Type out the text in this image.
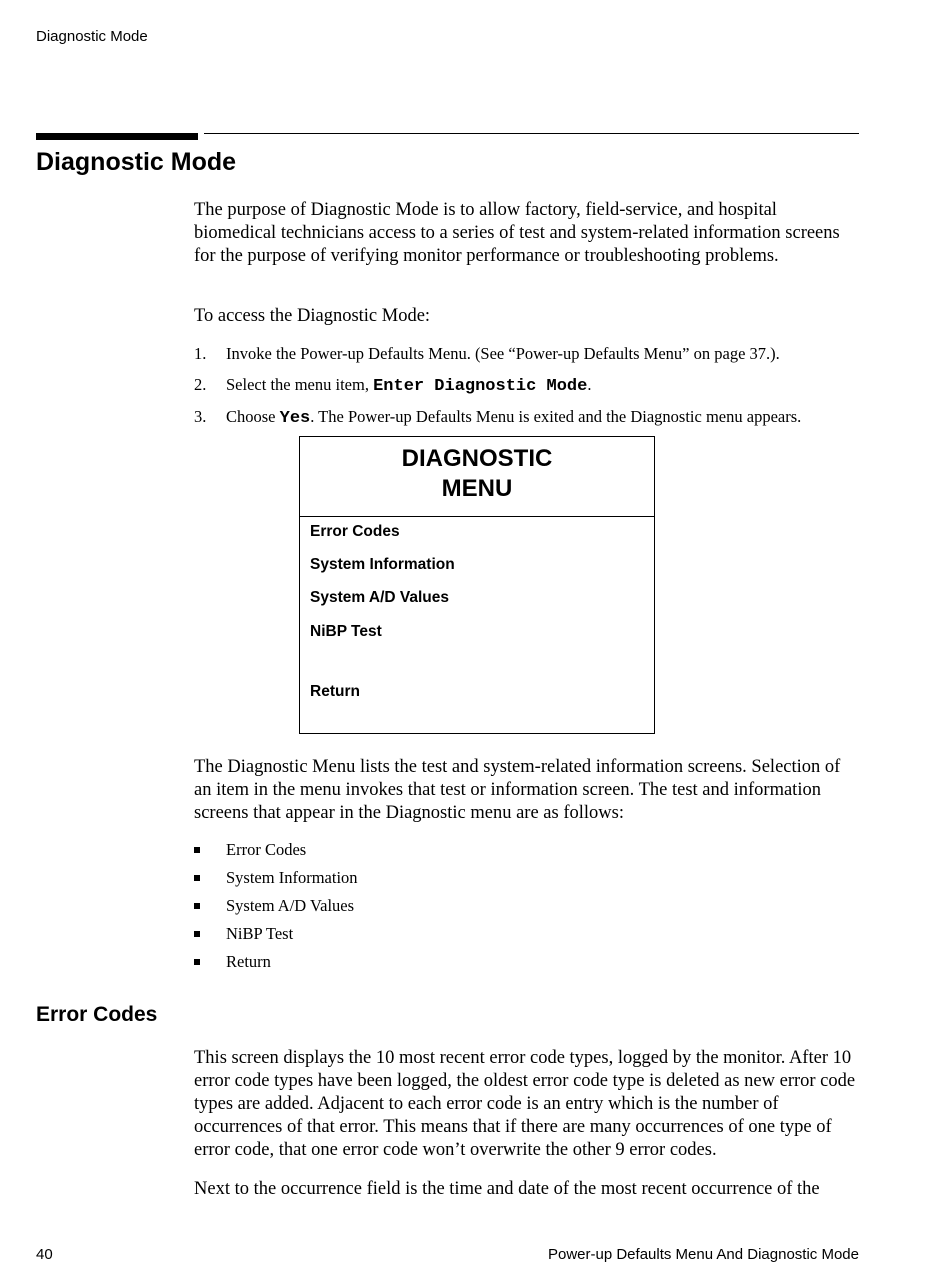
Diagnostic Mode
Diagnostic Mode

The purpose of Diagnostic Mode is to allow factory, field-service, and hospital biomedical technicians access to a series of test and system-related information screens for the purpose of verifying monitor performance or troubleshooting problems.

To access the Diagnostic Mode:

1. Invoke the Power-up Defaults Menu. (See “Power-up Defaults Menu” on page 37.).
2. Select the menu item, Enter Diagnostic Mode.
3. Choose Yes. The Power-up Defaults Menu is exited and the Diagnostic menu appears.
DIAGNOSTIC
MENU
Error Codes
System Information
System A/D Values
NiBP Test
Return

The Diagnostic Menu lists the test and system-related information screens. Selection of an item in the menu invokes that test or information screen. The test and information screens that appear in the Diagnostic menu are as follows:

Error Codes
System Information
System A/D Values
NiBP Test
Return
Error Codes

This screen displays the 10 most recent error code types, logged by the monitor. After 10 error code types have been logged, the oldest error code type is deleted as new error code types are added. Adjacent to each error code is an entry which is the number of occurrences of that error. This means that if there are many occurrences of one type of error code, that one error code won’t overwrite the other 9 error codes.

Next to the occurrence field is the time and date of the most recent occurrence of the

40	Power-up Defaults Menu And Diagnostic Mode
